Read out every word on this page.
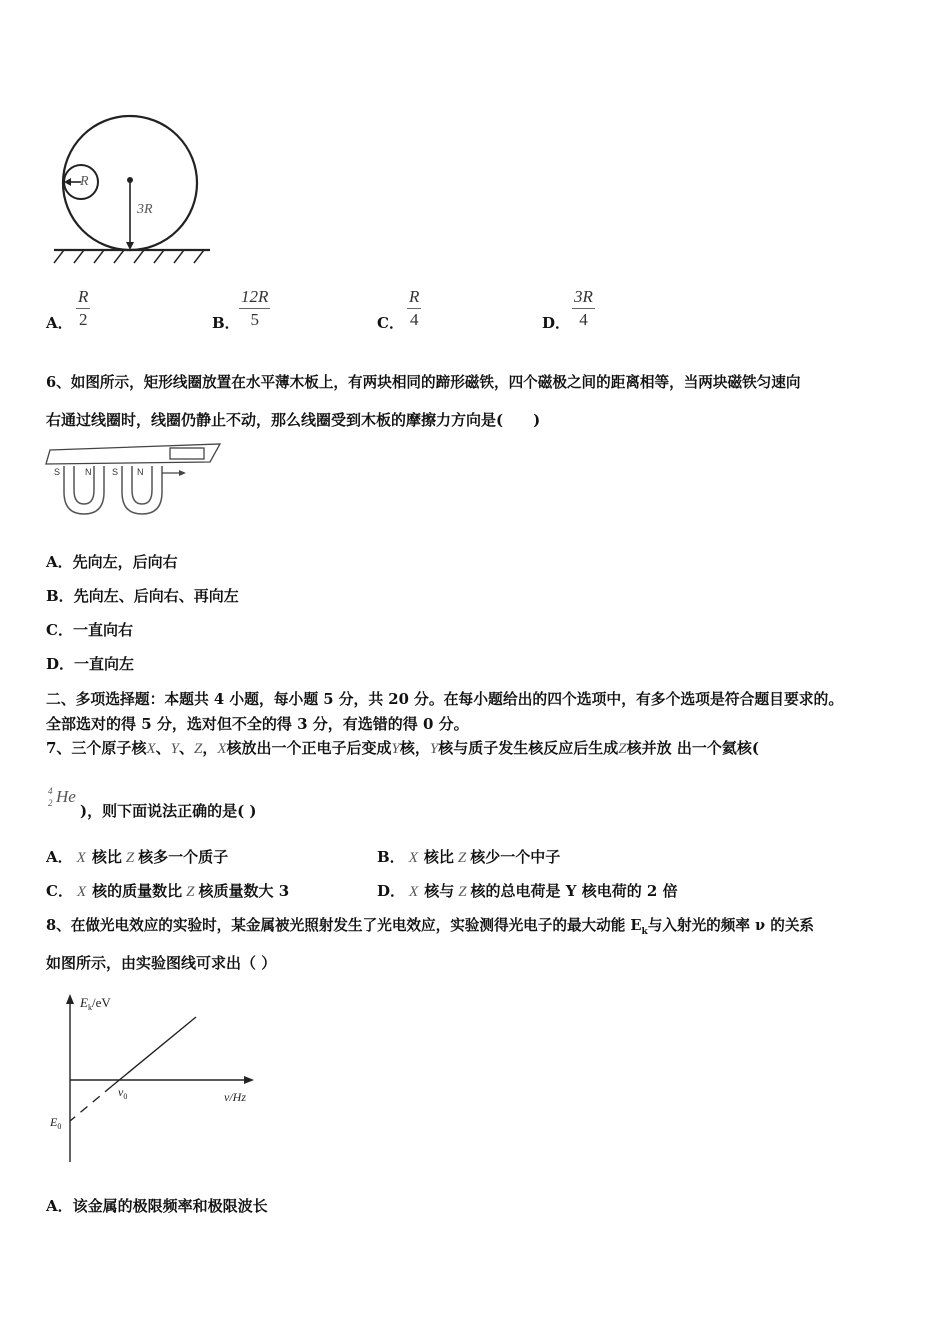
R
3R
A． $\frac{R}{2}$	B． $\frac{12R}{5}$	C． $\frac{R}{4}$	D． $\frac{3R}{4}$
6、如图所示，矩形线圈放置在水平薄木板上，有两块相同的蹄形磁铁，四个磁极之间的距离相等，当两块磁铁匀速向
右通过线圈时，线圈仍静止不动，那么线圈受到木板的摩擦力方向是(　　)
S	N S N
A．先向左，后向右
B．先向左、后向右、再向左
C．一直向右
D．一直向左
二、多项选择题：本题共 4 小题，每小题 5 分，共 20 分。在每小题给出的四个选项中，有多个选项是符合题目要求的。
全部选对的得 5 分，选对但不全的得 3 分，有选错的得 0 分。
7、三个原子核X、Y、Z，X核放出一个正电子后变成Y核，Y核与质子发生核反应后生成Z核并放 出一个氦核(
4
2 He
)，则下面说法正确的是( )
A． X 核比 Z 核多一个质子	B． X 核比 Z 核少一个中子
C． X 核的质量数比 Z 核质量数大 3	D． X 核与 Z 核的总电荷是 Y 核电荷的 2 倍
8、在做光电效应的实验时，某金属被光照射发生了光电效应，实验测得光电子的最大动能 $E_k$与入射光的频率 ν 的关系
如图所示，由实验图线可求出（ ）
$E_k/eV$
ν/Hz
$\nu_0$
$E_0$
A．该金属的极限频率和极限波长
